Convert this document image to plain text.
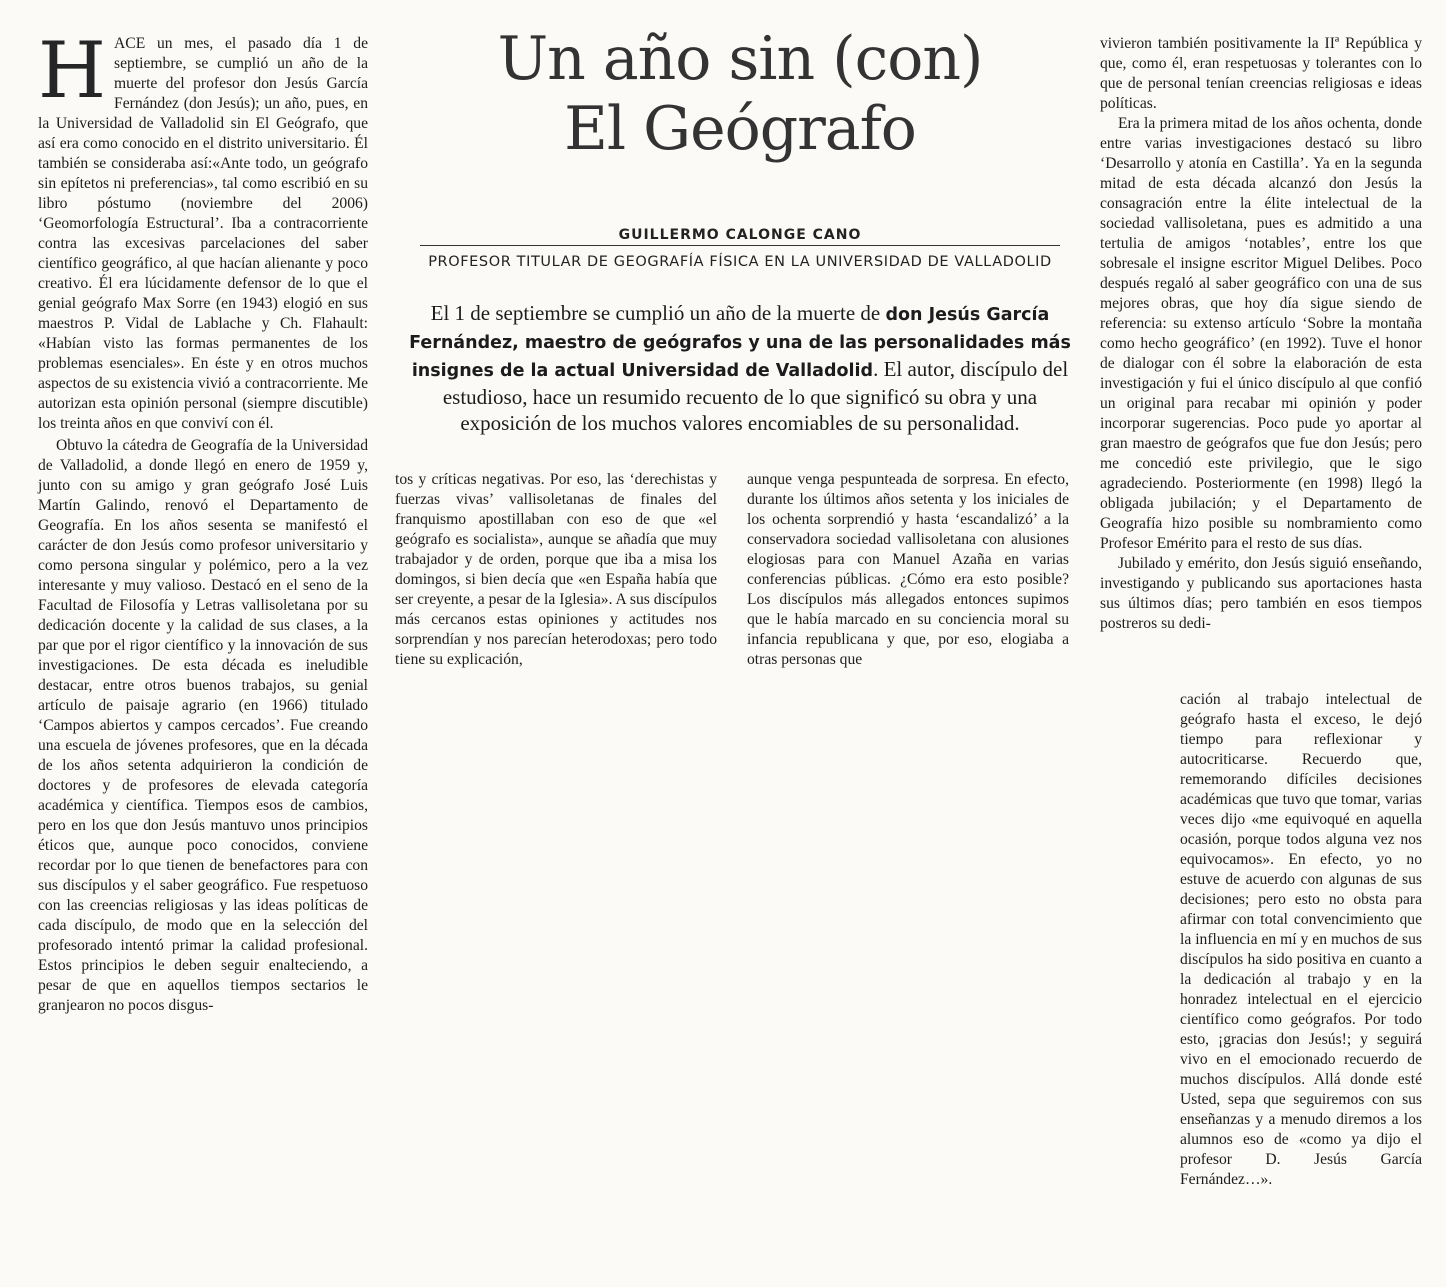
HACE un mes, el pasado día 1 de septiembre, se cumplió un año de la muerte del profesor don Jesús García Fernández (don Jesús); un año, pues, en la Universidad de Valladolid sin El Geógrafo, que así era como conocido en el distrito universitario. Él también se consideraba así:«Ante todo, un geógrafo sin epítetos ni preferencias», tal como escribió en su libro póstumo (noviembre del 2006) ‘Geomorfología Estructural’. Iba a contracorriente contra las excesivas parcelaciones del saber científico geográfico, al que hacían alienante y poco creativo. Él era lúcidamente defensor de lo que el genial geógrafo Max Sorre (en 1943) elogió en sus maestros P. Vidal de Lablache y Ch. Flahault: «Habían visto las formas permanentes de los problemas esenciales». En éste y en otros muchos aspectos de su existencia vivió a contracorriente. Me autorizan esta opinión personal (siempre discutible) los treinta años en que conviví con él.

Obtuvo la cátedra de Geografía de la Universidad de Valladolid, a donde llegó en enero de 1959 y, junto con su amigo y gran geógrafo José Luis Martín Galindo, renovó el Departamento de Geografía. En los años sesenta se manifestó el carácter de don Jesús como profesor universitario y como persona singular y polémico, pero a la vez interesante y muy valioso. Destacó en el seno de la Facultad de Filosofía y Letras vallisoletana por su dedicación docente y la calidad de sus clases, a la par que por el rigor científico y la innovación de sus investigaciones. De esta década es ineludible destacar, entre otros buenos trabajos, su genial artículo de paisaje agrario (en 1966) titulado ‘Campos abiertos y campos cercados’. Fue creando una escuela de jóvenes profesores, que en la década de los años setenta adquirieron la condición de doctores y de profesores de elevada categoría académica y científica. Tiempos esos de cambios, pero en los que don Jesús mantuvo unos principios éticos que, aunque poco conocidos, conviene recordar por lo que tienen de benefactores para con sus discípulos y el saber geográfico. Fue respetuoso con las creencias religiosas y las ideas políticas de cada discípulo, de modo que en la selección del profesorado intentó primar la calidad profesional. Estos principios le deben seguir enalteciendo, a pesar de que en aquellos tiempos sectarios le granjearon no pocos disgus-

Un año sin (con)
El Geógrafo
GUILLERMO CALONGE CANO
PROFESOR TITULAR DE GEOGRAFÍA FÍSICA EN LA UNIVERSIDAD DE VALLADOLID
El 1 de septiembre se cumplió un año de la muerte de don Jesús García Fernández, maestro de geógrafos y una de las personalidades más insignes de la actual Universidad de Valladolid. El autor, discípulo del estudioso, hace un resumido recuento de lo que significó su obra y una exposición de los muchos valores encomiables de su personalidad.

tos y críticas negativas. Por eso, las ‘derechistas y fuerzas vivas’ vallisoletanas de finales del franquismo apostillaban con eso de que «el geógrafo es socialista», aunque se añadía que muy trabajador y de orden, porque que iba a misa los domingos, si bien decía que «en España había que ser creyente, a pesar de la Iglesia». A sus discípulos más cercanos estas opiniones y actitudes nos sorprendían y nos parecían heterodoxas; pero todo tiene su explicación,

aunque venga pespunteada de sorpresa. En efecto, durante los últimos años setenta y los iniciales de los ochenta sorprendió y hasta ‘escandalizó’ a la conservadora sociedad vallisoletana con alusiones elogiosas para con Manuel Azaña en varias conferencias públicas. ¿Cómo era esto posible? Los discípulos más allegados entonces supimos que le había marcado en su conciencia moral su infancia republicana y que, por eso, elogiaba a otras personas que

vivieron también positivamente la IIª República y que, como él, eran respetuosas y tolerantes con lo que de personal tenían creencias religiosas e ideas políticas.

Era la primera mitad de los años ochenta, donde entre varias investigaciones destacó su libro ‘Desarrollo y atonía en Castilla’. Ya en la segunda mitad de esta década alcanzó don Jesús la consagración entre la élite intelectual de la sociedad vallisoletana, pues es admitido a una tertulia de amigos ‘notables’, entre los que sobresale el insigne escritor Miguel Delibes. Poco después regaló al saber geográfico con una de sus mejores obras, que hoy día sigue siendo de referencia: su extenso artículo ‘Sobre la montaña como hecho geográfico’ (en 1992). Tuve el honor de dialogar con él sobre la elaboración de esta investigación y fui el único discípulo al que confió un original para recabar mi opinión y poder incorporar sugerencias. Poco pude yo aportar al gran maestro de geógrafos que fue don Jesús; pero me concedió este privilegio, que le sigo agradeciendo. Posteriormente (en 1998) llegó la obligada jubilación; y el Departamento de Geografía hizo posible su nombramiento como Profesor Emérito para el resto de sus días.

Jubilado y emérito, don Jesús siguió enseñando, investigando y publicando sus aportaciones hasta sus últimos días; pero también en esos tiempos postreros su dedi-

cación al trabajo intelectual de geógrafo hasta el exceso, le dejó tiempo para reflexionar y autocriticarse. Recuerdo que, rememorando difíciles decisiones académicas que tuvo que tomar, varias veces dijo «me equivoqué en aquella ocasión, porque todos alguna vez nos equivocamos». En efecto, yo no estuve de acuerdo con algunas de sus decisiones; pero esto no obsta para afirmar con total convencimiento que la influencia en mí y en muchos de sus discípulos ha sido positiva en cuanto a la dedicación al trabajo y en la honradez intelectual en el ejercicio científico como geógrafos. Por todo esto, ¡gracias don Jesús!; y seguirá vivo en el emocionado recuerdo de muchos discípulos. Allá donde esté Usted, sepa que seguiremos con sus enseñanzas y a menudo diremos a los alumnos eso de «como ya dijo el profesor D. Jesús García Fernández…».
